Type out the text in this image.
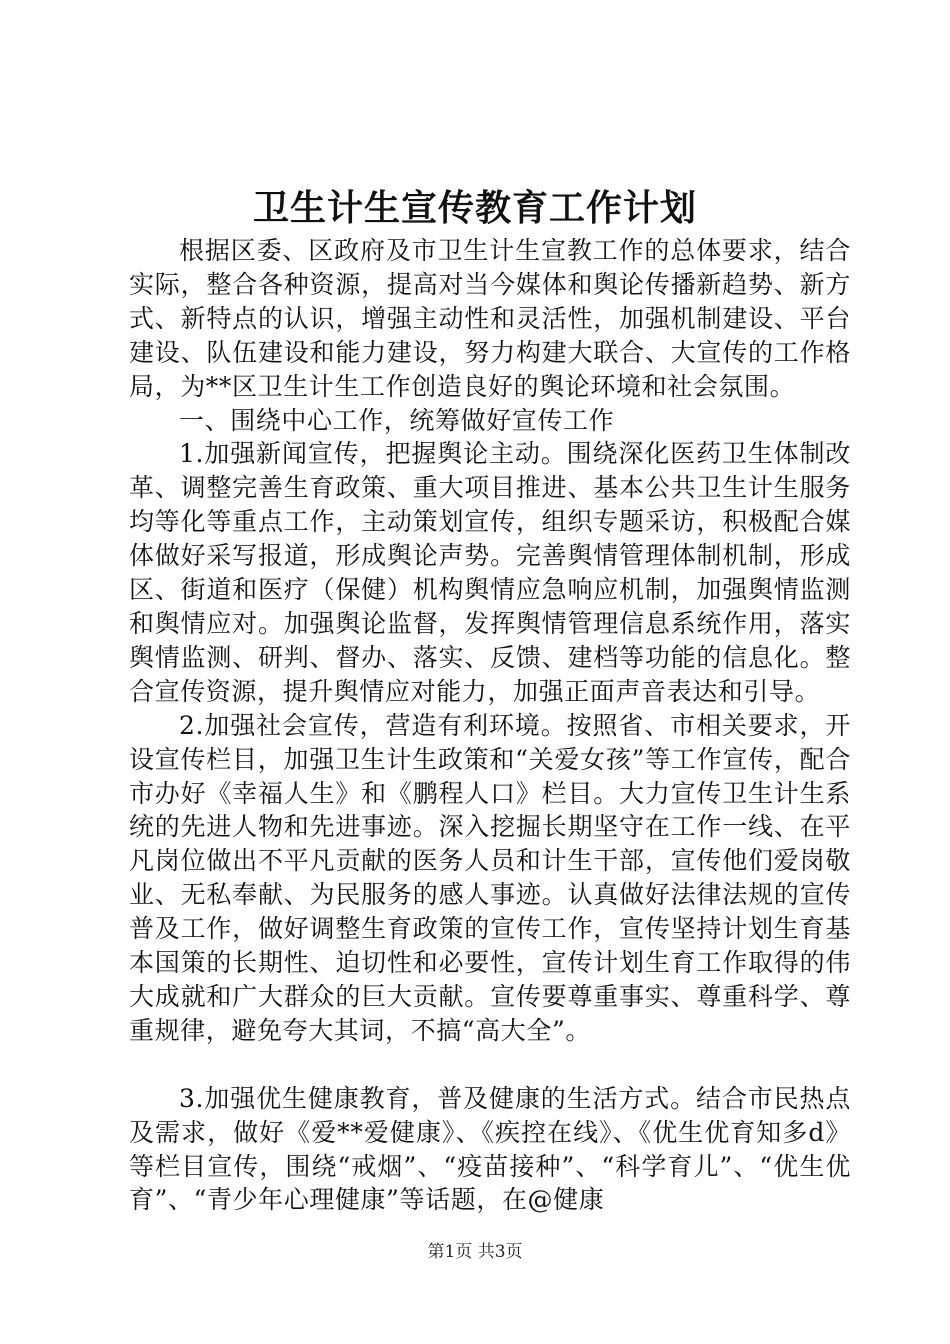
卫生计生宣传教育工作计划

根据区委、区政府及市卫生计生宣教工作的总体要求，结合实际，整合各种资源，提高对当今媒体和舆论传播新趋势、新方式、新特点的认识，增强主动性和灵活性，加强机制建设、平台建设、队伍建设和能力建设，努力构建大联合、大宣传的工作格局，为**区卫生计生工作创造良好的舆论环境和社会氛围。

一、围绕中心工作，统筹做好宣传工作

1.加强新闻宣传，把握舆论主动。围绕深化医药卫生体制改革、调整完善生育政策、重大项目推进、基本公共卫生计生服务均等化等重点工作，主动策划宣传，组织专题采访，积极配合媒体做好采写报道，形成舆论声势。完善舆情管理体制机制，形成区、街道和医疗（保健）机构舆情应急响应机制，加强舆情监测和舆情应对。加强舆论监督，发挥舆情管理信息系统作用，落实舆情监测、研判、督办、落实、反馈、建档等功能的信息化。整合宣传资源，提升舆情应对能力，加强正面声音表达和引导。

2.加强社会宣传，营造有利环境。按照省、市相关要求，开设宣传栏目，加强卫生计生政策和“关爱女孩”等工作宣传，配合市办好《幸福人生》和《鹏程人口》栏目。大力宣传卫生计生系统的先进人物和先进事迹。深入挖掘长期坚守在工作一线、在平凡岗位做出不平凡贡献的医务人员和计生干部，宣传他们爱岗敬业、无私奉献、为民服务的感人事迹。认真做好法律法规的宣传普及工作，做好调整生育政策的宣传工作，宣传坚持计划生育基本国策的长期性、迫切性和必要性，宣传计划生育工作取得的伟大成就和广大群众的巨大贡献。宣传要尊重事实、尊重科学、尊重规律，避免夸大其词，不搞“高大全”。

3.加强优生健康教育，普及健康的生活方式。结合市民热点及需求，做好《爱**爱健康》、《疾控在线》、《优生优育知多d》等栏目宣传，围绕“戒烟”、“疫苗接种”、“科学育儿”、“优生优育”、“青少年心理健康”等话题，在@健康

第1页 共3页
